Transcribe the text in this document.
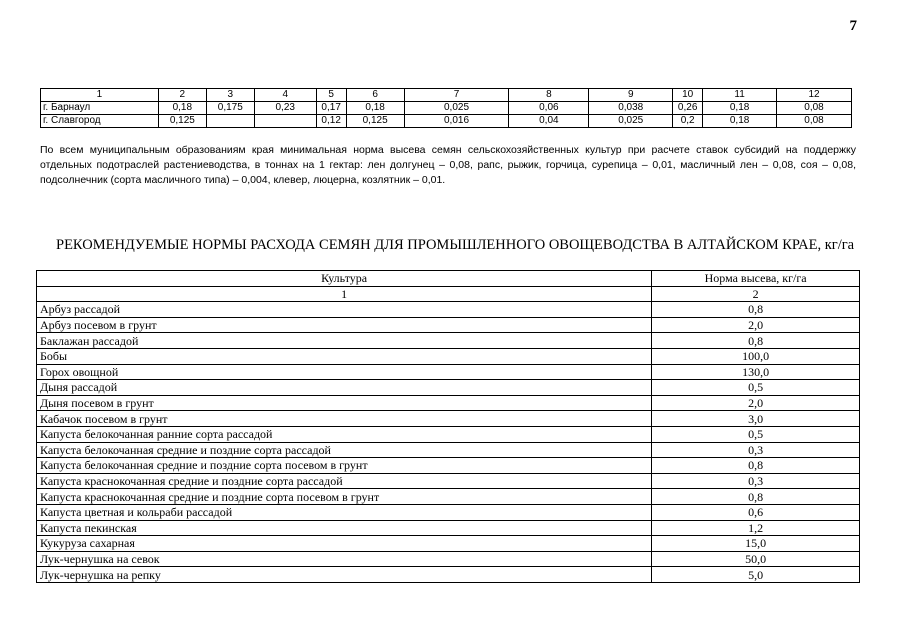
7
1	2	3	4	5	6	7	8	9	10	11	12
г. Барнаул	0,18	0,175	0,23	0,17	0,18	0,025	0,06	0,038	0,26	0,18	0,08
г. Славгород	0,125			0,12	0,125	0,016	0,04	0,025	0,2	0,18	0,08
По всем муниципальным образованиям края минимальная норма высева семян сельскохозяйственных культур при расчете ставок субсидий на поддержку отдельных подотраслей растениеводства, в тоннах на 1 гектар: лен долгунец – 0,08, рапс, рыжик, горчица, сурепица – 0,01, масличный лен – 0,08, соя – 0,08, подсолнечник (сорта масличного типа) – 0,004, клевер, люцерна, козлятник – 0,01.
РЕКОМЕНДУЕМЫЕ НОРМЫ РАСХОДА СЕМЯН ДЛЯ ПРОМЫШЛЕННОГО ОВОЩЕВОДСТВА В АЛТАЙСКОМ КРАЕ, кг/га
Культура	Норма высева, кг/га
1	2
Арбуз рассадой	0,8
Арбуз посевом в грунт	2,0
Баклажан рассадой	0,8
Бобы	100,0
Горох овощной	130,0
Дыня рассадой	0,5
Дыня посевом в грунт	2,0
Кабачок посевом в грунт	3,0
Капуста белокочанная ранние сорта рассадой	0,5
Капуста белокочанная средние и поздние сорта рассадой	0,3
Капуста белокочанная средние и поздние сорта посевом в грунт	0,8
Капуста краснокочанная средние и поздние сорта рассадой	0,3
Капуста краснокочанная средние и поздние сорта посевом в грунт	0,8
Капуста цветная и кольраби рассадой	0,6
Капуста пекинская	1,2
Кукуруза сахарная	15,0
Лук-чернушка на севок	50,0
Лук-чернушка на репку	5,0
